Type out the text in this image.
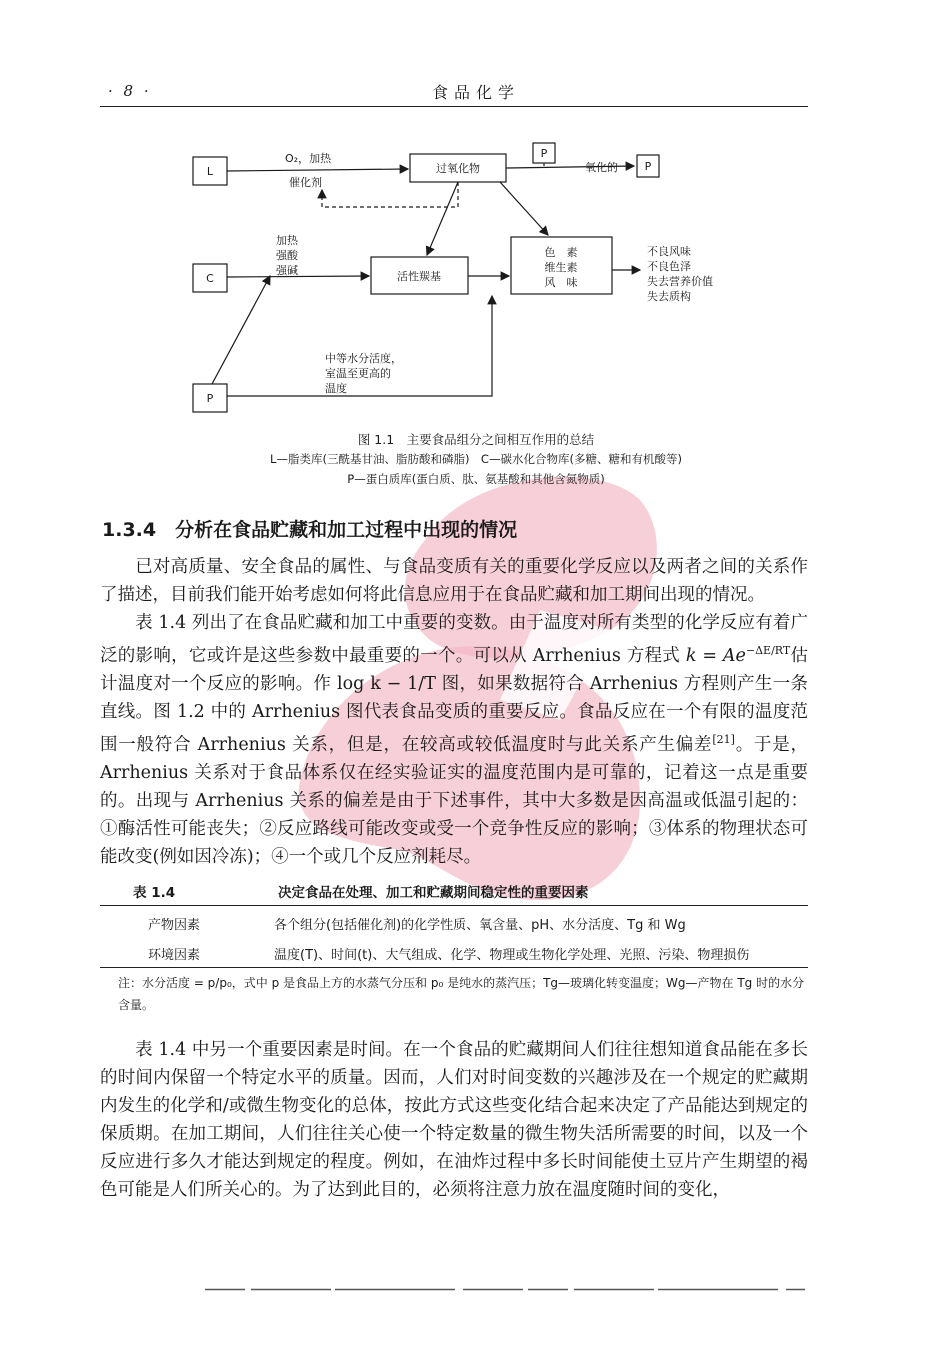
· 8 ·	食品化学
L
C
P
过氧化物
P
P
活性羰基
色　素
维生素
风　味
O₂，加热
催化剂
氧化的
加热
强酸
强碱
中等水分活度，
室温至更高的
温度
不良风味
不良色泽
失去营养价值
失去质构
图 1.1　主要食品组分之间相互作用的总结
L—脂类库(三酰基甘油、脂肪酸和磷脂)　C—碳水化合物库(多糖、糖和有机酸等)
P—蛋白质库(蛋白质、肽、氨基酸和其他含氮物质)
1.3.4　分析在食品贮藏和加工过程中出现的情况
已对高质量、安全食品的属性、与食品变质有关的重要化学反应以及两者之间的关系作了描述，目前我们能开始考虑如何将此信息应用于在食品贮藏和加工期间出现的情况。
表 1.4 列出了在食品贮藏和加工中重要的变数。由于温度对所有类型的化学反应有着广泛的影响，它或许是这些参数中最重要的一个。可以从 Arrhenius 方程式 $k = Ae^{-\Delta E/RT}$估计温度对一个反应的影响。作 log k − 1/T 图，如果数据符合 Arrhenius 方程则产生一条直线。图 1.2 中的 Arrhenius 图代表食品变质的重要反应。食品反应在一个有限的温度范围一般符合 Arrhenius 关系，但是，在较高或较低温度时与此关系产生偏差[21]。于是，Arrhenius 关系对于食品体系仅在经实验证实的温度范围内是可靠的，记着这一点是重要的。出现与 Arrhenius 关系的偏差是由于下述事件，其中大多数是因高温或低温引起的：①酶活性可能丧失；②反应路线可能改变或受一个竞争性反应的影响；③体系的物理状态可能改变(例如因冷冻)；④一个或几个反应剂耗尽。
表 1.4	决定食品在处理、加工和贮藏期间稳定性的重要因素
产物因素	各个组分(包括催化剂)的化学性质、氧含量、pH、水分活度、Tg 和 Wg
环境因素	温度(T)、时间(t)、大气组成、化学、物理或生物化学处理、光照、污染、物理损伤
注：水分活度 = p/p₀，式中 p 是食品上方的水蒸气分压和 p₀ 是纯水的蒸汽压；Tg—玻璃化转变温度；Wg—产物在 Tg 时的水分含量。
表 1.4 中另一个重要因素是时间。在一个食品的贮藏期间人们往往想知道食品能在多长的时间内保留一个特定水平的质量。因而，人们对时间变数的兴趣涉及在一个规定的贮藏期内发生的化学和/或微生物变化的总体，按此方式这些变化结合起来决定了产品能达到规定的保质期。在加工期间，人们往往关心使一个特定数量的微生物失活所需要的时间，以及一个反应进行多久才能达到规定的程度。例如，在油炸过程中多长时间能使土豆片产生期望的褐色可能是人们所关心的。为了达到此目的，必须将注意力放在温度随时间的变化，
